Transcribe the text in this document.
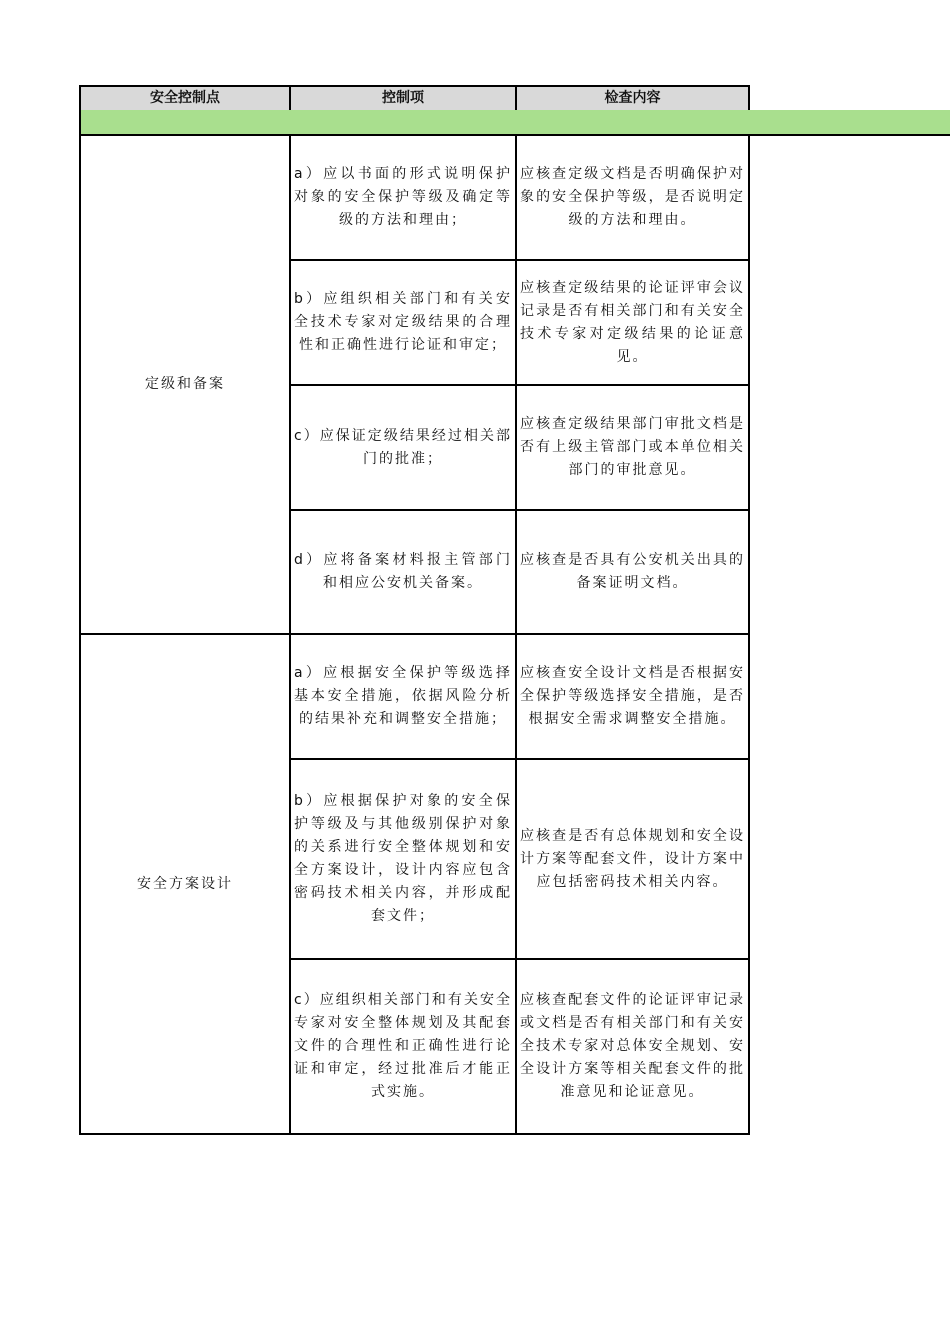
安全控制点	控制项	检查内容
定级和备案
a）应以书面的形式说明保护对象的安全保护等级及确定等级的方法和理由；
应核查定级文档是否明确保护对象的安全保护等级，是否说明定级的方法和理由。
b）应组织相关部门和有关安全技术专家对定级结果的合理性和正确性进行论证和审定；
应核查定级结果的论证评审会议记录是否有相关部门和有关安全技术专家对定级结果的论证意见。
c）应保证定级结果经过相关部门的批准；
应核查定级结果部门审批文档是否有上级主管部门或本单位相关部门的审批意见。
d）应将备案材料报主管部门和相应公安机关备案。
应核查是否具有公安机关出具的备案证明文档。
安全方案设计
a）应根据安全保护等级选择基本安全措施，依据风险分析的结果补充和调整安全措施；
应核查安全设计文档是否根据安全保护等级选择安全措施，是否根据安全需求调整安全措施。
b）应根据保护对象的安全保护等级及与其他级别保护对象的关系进行安全整体规划和安全方案设计，设计内容应包含密码技术相关内容，并形成配套文件；
应核查是否有总体规划和安全设计方案等配套文件，设计方案中应包括密码技术相关内容。
c）应组织相关部门和有关安全专家对安全整体规划及其配套文件的合理性和正确性进行论证和审定，经过批准后才能正式实施。
应核查配套文件的论证评审记录或文档是否有相关部门和有关安全技术专家对总体安全规划、安全设计方案等相关配套文件的批准意见和论证意见。
